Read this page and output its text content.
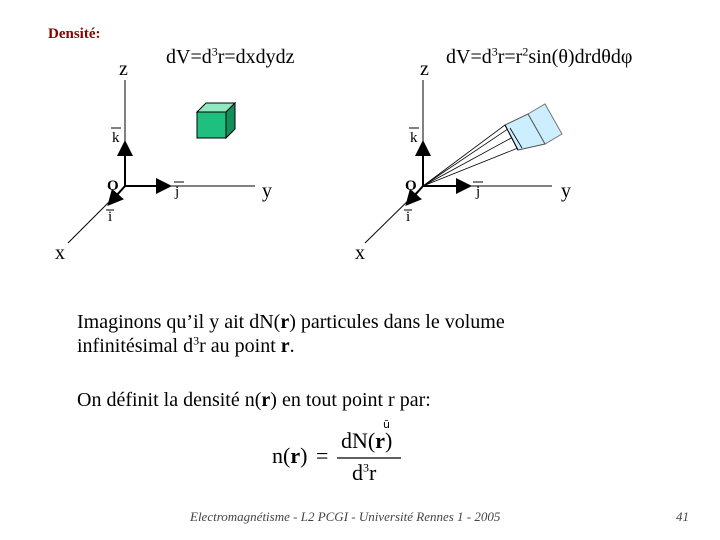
Densité:
$dV=d^3r=dxdydz$	$dV=d^3r=r^2\sin(\theta)drd\theta d\varphi$
ū
z
y
x
k
j
i
O
z
y
x
k
j
i
O
Imaginons qu’il y ait dN(r) particules dans le volume
infinitésimal $d^3r$ au point r.
On définit la densité n(r) en tout point r par:
n(r) =
dN(r)
$d^3r$
Electromagnétisme - L2 PCGI - Université Rennes 1 - 2005	41
